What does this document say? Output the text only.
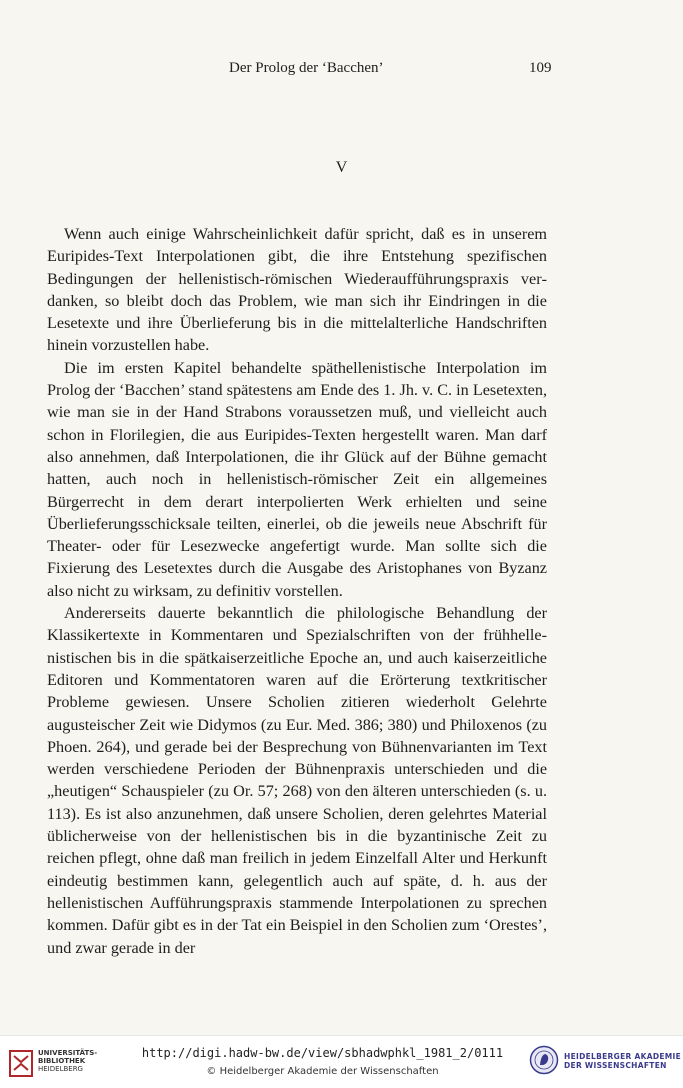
Der Prolog der ‘Bacchen’	109
V

Wenn auch einige Wahrscheinlichkeit dafür spricht, daß es in unserem Euripides-Text Interpolationen gibt, die ihre Entstehung spezifischen Bedingungen der hellenistisch-römischen Wiederaufführungspraxis verdanken, so bleibt doch das Problem, wie man sich ihr Eindringen in die Lesetexte und ihre Überlieferung bis in die mittelalterliche Handschriften hinein vorzustellen habe.

Die im ersten Kapitel behandelte späthellenistische Interpolation im Prolog der ‘Bacchen’ stand spätestens am Ende des 1. Jh. v. C. in Lesetexten, wie man sie in der Hand Strabons voraussetzen muß, und vielleicht auch schon in Florilegien, die aus Euripides-Texten hergestellt waren. Man darf also annehmen, daß Interpolationen, die ihr Glück auf der Bühne gemacht hatten, auch noch in hellenistisch-römischer Zeit ein allgemeines Bürgerrecht in dem derart interpolierten Werk erhielten und seine Überlieferungsschicksale teilten, einerlei, ob die jeweils neue Abschrift für Theater- oder für Lesezwecke angefertigt wurde. Man sollte sich die Fixierung des Lesetextes durch die Ausgabe des Aristophanes von Byzanz also nicht zu wirksam, zu definitiv vorstellen.

Andererseits dauerte bekanntlich die philologische Behandlung der Klassikertexte in Kommentaren und Spezialschriften von der frühhellenistischen bis in die spätkaiserzeitliche Epoche an, und auch kaiserzeitliche Editoren und Kommentatoren waren auf die Erörterung textkritischer Probleme gewiesen. Unsere Scholien zitieren wiederholt Gelehrte augusteischer Zeit wie Didymos (zu Eur. Med. 386; 380) und Philoxenos (zu Phoen. 264), und gerade bei der Besprechung von Bühnenvarianten im Text werden verschiedene Perioden der Bühnenpraxis unterschieden und die „heutigen“ Schauspieler (zu Or. 57; 268) von den älteren unterschieden (s. u. 113). Es ist also anzunehmen, daß unsere Scholien, deren gelehrtes Material üblicherweise von der hellenistischen bis in die byzantinische Zeit zu reichen pflegt, ohne daß man freilich in jedem Einzelfall Alter und Herkunft eindeutig bestimmen kann, gelegentlich auch auf späte, d. h. aus der hellenistischen Aufführungspraxis stammende Interpolationen zu sprechen kommen. Dafür gibt es in der Tat ein Beispiel in den Scholien zum ‘Orestes’, und zwar gerade in der

UNIVERSITÄTS-
BIBLIOTHEK
HEIDELBERG
http://digi.hadw-bw.de/view/sbhadwphkl_1981_2/0111
© Heidelberger Akademie der Wissenschaften
HEIDELBERGER AKADEMIE
DER WISSENSCHAFTEN
